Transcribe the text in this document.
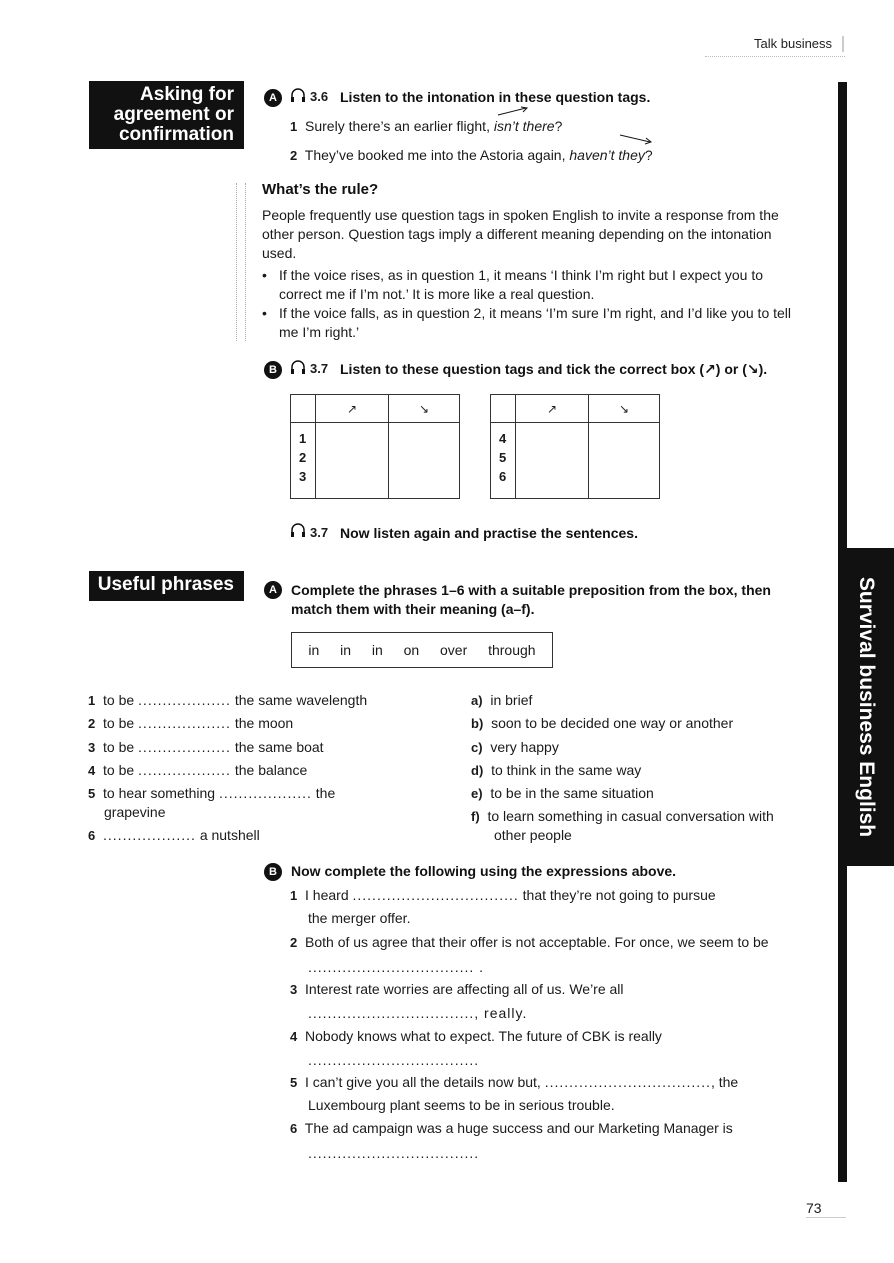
Talk business
Asking for
agreement or
confirmation
Useful phrases	Survival business English
A	3.6 Listen to the intonation in these question tags.
1 Surely there’s an earlier flight, isn’t there?
2 They’ve booked me into the Astoria again, haven’t they?
What’s the rule?
People frequently use question tags in spoken English to invite a response from the other person. Question tags imply a different meaning depending on the intonation used.
• If the voice rises, as in question 1, it means ‘I think I’m right but I expect you to correct me if I’m not.’ It is more like a real question.
• If the voice falls, as in question 2, it means ‘I’m sure I’m right, and I’d like you to tell me I’m right.’
B	3.7 Listen to these question tags and tick the correct box (↗) or (↘).
	↗	↘

1
2
3		

	↗	↘

4
5
6		

3.7 Now listen again and practise the sentences.
A	Complete the phrases 1–6 with a suitable preposition from the box, then match them with their meaning (a–f).
in in in on over through
1 to be ................... the same wavelength
2 to be ................... the moon
3 to be ................... the same boat
4 to be ................... the balance
5 to hear something ................... the
grapevine
6 ................... a nutshell
a) in brief
b) soon to be decided one way or another
c) very happy
d) to think in the same way
e) to be in the same situation
f) to learn something in casual conversation with
other people
B	Now complete the following using the expressions above.
1 I heard .................................. that they’re not going to pursue
the merger offer.
2 Both of us agree that their offer is not acceptable. For once, we seem to be
.................................. .
3 Interest rate worries are affecting all of us. We’re all
.................................., really.
4 Nobody knows what to expect. The future of CBK is really
...................................
5 I can’t give you all the details now but, .................................., the
Luxembourg plant seems to be in serious trouble.
6 The ad campaign was a huge success and our Marketing Manager is
...................................
73
